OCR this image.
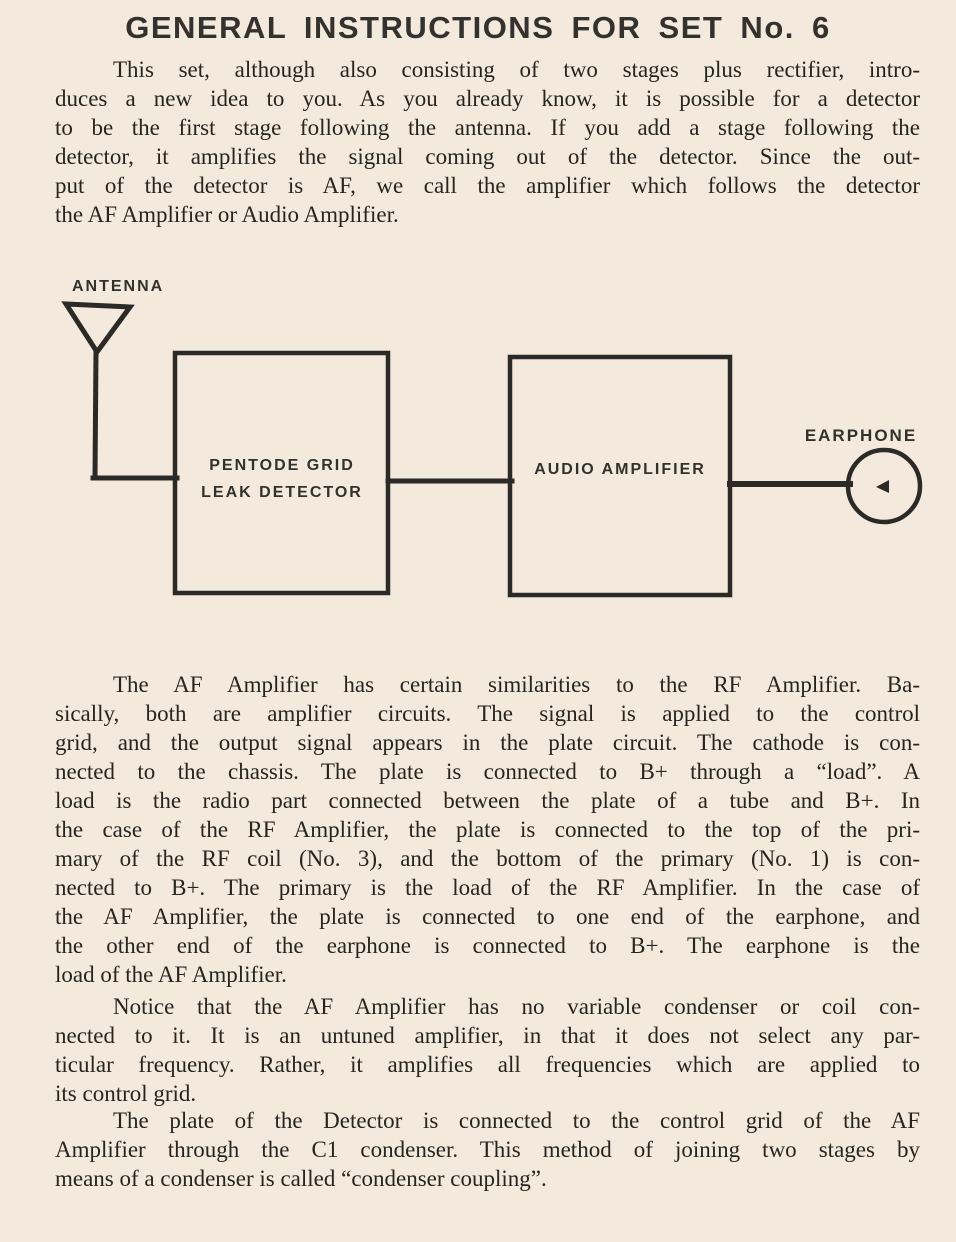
GENERAL INSTRUCTIONS FOR SET No. 6
This set, although also consisting of two stages plus rectifier, intro-
duces a new idea to you. As you already know, it is possible for a detector
to be the first stage following the antenna. If you add a stage following the
detector, it amplifies the signal coming out of the detector. Since the out-
put of the detector is AF, we call the amplifier which follows the detector
the AF Amplifier or Audio Amplifier.
ANTENNA
PENTODE GRID
LEAK DETECTOR
AUDIO AMPLIFIER
EARPHONE
The AF Amplifier has certain similarities to the RF Amplifier. Ba-
sically, both are amplifier circuits. The signal is applied to the control
grid, and the output signal appears in the plate circuit. The cathode is con-
nected to the chassis. The plate is connected to B+ through a “load”. A
load is the radio part connected between the plate of a tube and B+. In
the case of the RF Amplifier, the plate is connected to the top of the pri-
mary of the RF coil (No. 3), and the bottom of the primary (No. 1) is con-
nected to B+. The primary is the load of the RF Amplifier. In the case of
the AF Amplifier, the plate is connected to one end of the earphone, and
the other end of the earphone is connected to B+. The earphone is the
load of the AF Amplifier.
Notice that the AF Amplifier has no variable condenser or coil con-
nected to it. It is an untuned amplifier, in that it does not select any par-
ticular frequency. Rather, it amplifies all frequencies which are applied to
its control grid.
The plate of the Detector is connected to the control grid of the AF
Amplifier through the C1 condenser. This method of joining two stages by
means of a condenser is called “condenser coupling”.
